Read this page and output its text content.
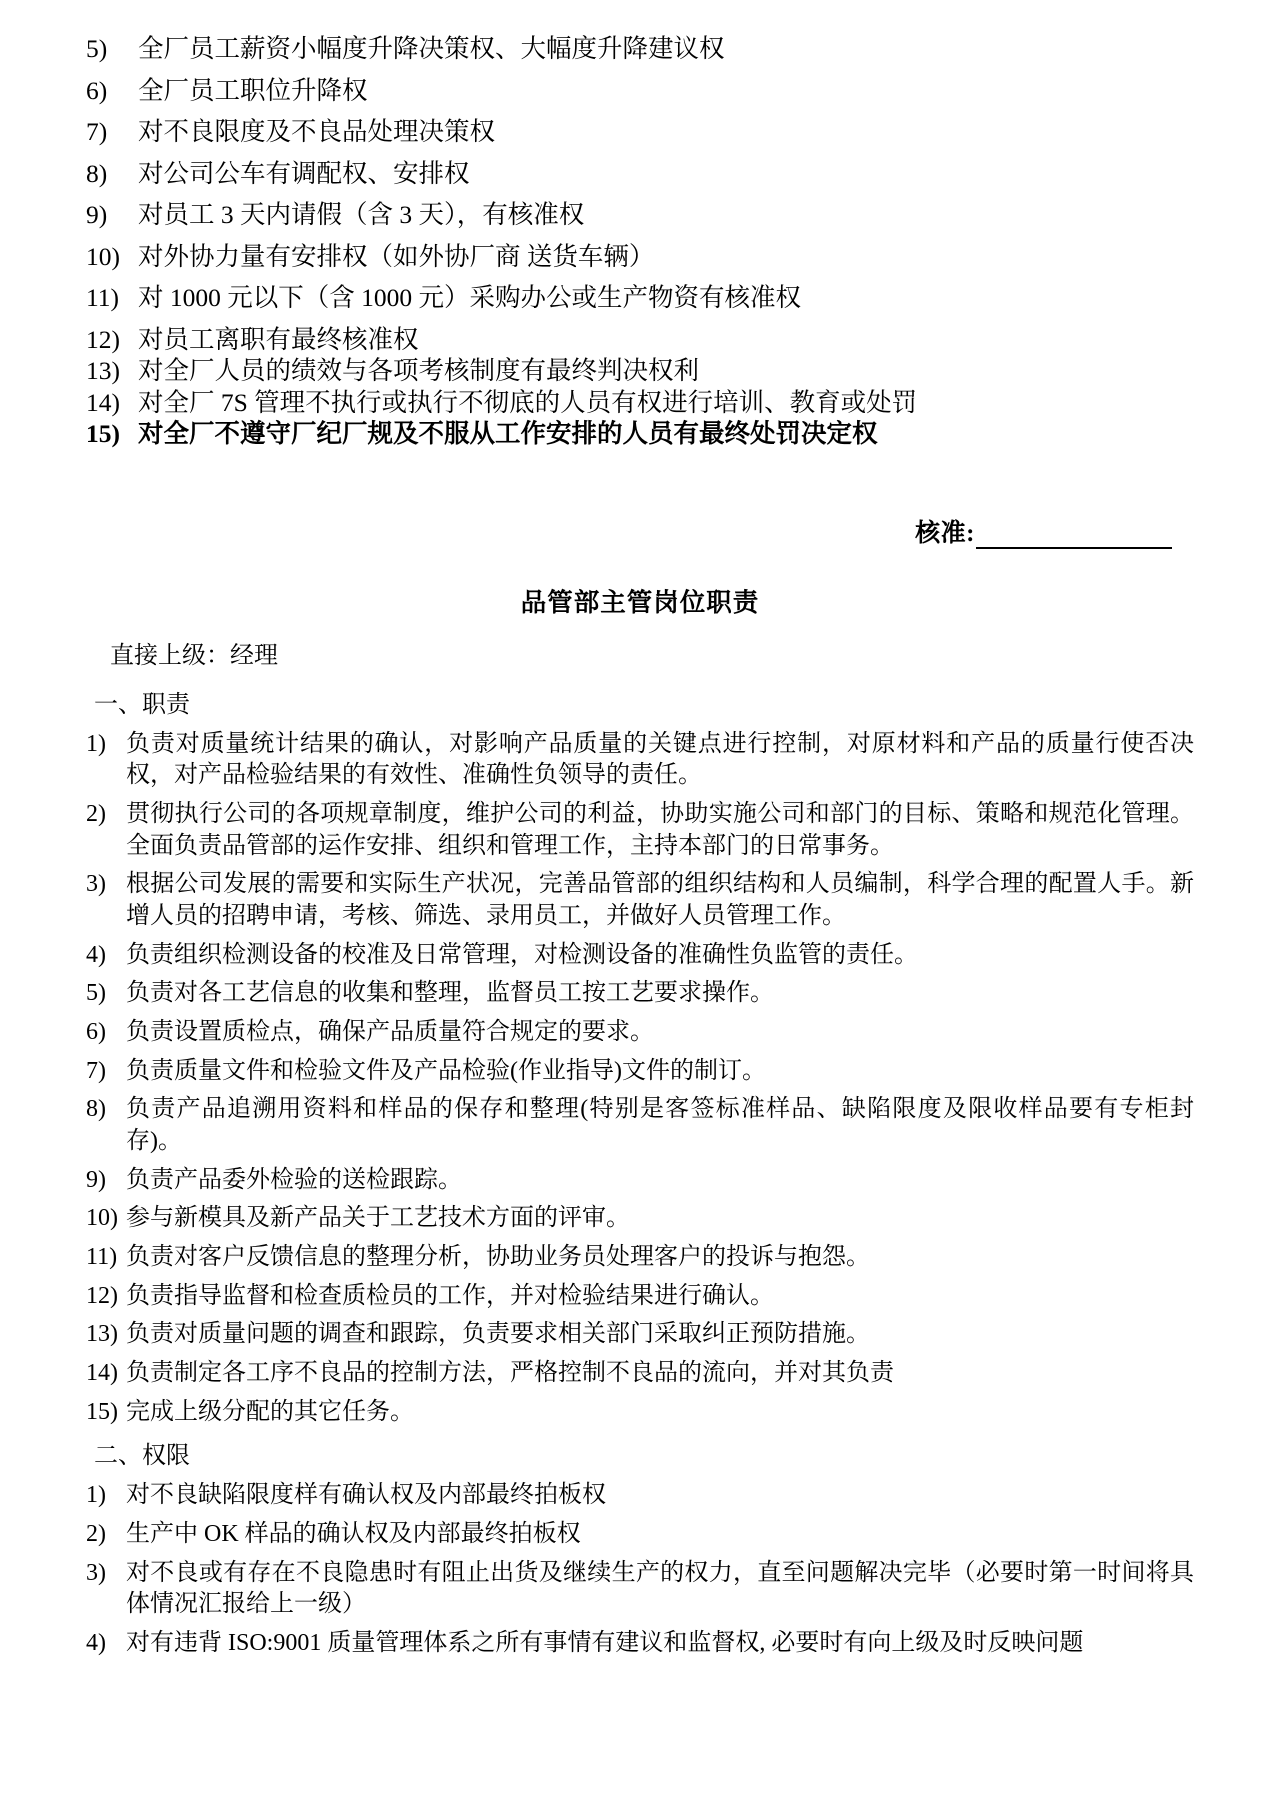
5)	全厂员工薪资小幅度升降决策权、大幅度升降建议权
6)	全厂员工职位升降权
7)	对不良限度及不良品处理决策权
8)	对公司公车有调配权、安排权
9)	对员工 3 天内请假（含 3 天），有核准权
10) 对外协力量有安排权（如外协厂商 送货车辆）
11) 对 1000 元以下（含 1000 元）采购办公或生产物资有核准权
12) 对员工离职有最终核准权
13) 对全厂人员的绩效与各项考核制度有最终判决权利
14) 对全厂 7S 管理不执行或执行不彻底的人员有权进行培训、教育或处罚
15) 对全厂不遵守厂纪厂规及不服从工作安排的人员有最终处罚决定权
核准:
品管部主管岗位职责
直接上级：经理
一、职责
1) 负责对质量统计结果的确认，对影响产品质量的关键点进行控制，对原材料和产品的质量行使否决权，对产品检验结果的有效性、准确性负领导的责任。
2) 贯彻执行公司的各项规章制度，维护公司的利益，协助实施公司和部门的目标、策略和规范化管理。 全面负责品管部的运作安排、组织和管理工作，主持本部门的日常事务。
3) 根据公司发展的需要和实际生产状况，完善品管部的组织结构和人员编制，科学合理的配置人手。新增人员的招聘申请，考核、筛选、录用员工，并做好人员管理工作。
4) 负责组织检测设备的校准及日常管理，对检测设备的准确性负监管的责任。
5) 负责对各工艺信息的收集和整理，监督员工按工艺要求操作。
6) 负责设置质检点，确保产品质量符合规定的要求。
7) 负责质量文件和检验文件及产品检验(作业指导)文件的制订。
8) 负责产品追溯用资料和样品的保存和整理(特别是客签标准样品、缺陷限度及限收样品要有专柜封存)。
9) 负责产品委外检验的送检跟踪。
10) 参与新模具及新产品关于工艺技术方面的评审。
11) 负责对客户反馈信息的整理分析，协助业务员处理客户的投诉与抱怨。
12) 负责指导监督和检查质检员的工作，并对检验结果进行确认。
13) 负责对质量问题的调查和跟踪，负责要求相关部门采取纠正预防措施。
14) 负责制定各工序不良品的控制方法，严格控制不良品的流向，并对其负责
15) 完成上级分配的其它任务。
二、权限
1) 对不良缺陷限度样有确认权及内部最终拍板权
2) 生产中 OK 样品的确认权及内部最终拍板权
3) 对不良或有存在不良隐患时有阻止出货及继续生产的权力，直至问题解决完毕（必要时第一时间将具体情况汇报给上一级）
4) 对有违背 ISO:9001 质量管理体系之所有事情有建议和监督权, 必要时有向上级及时反映问题
